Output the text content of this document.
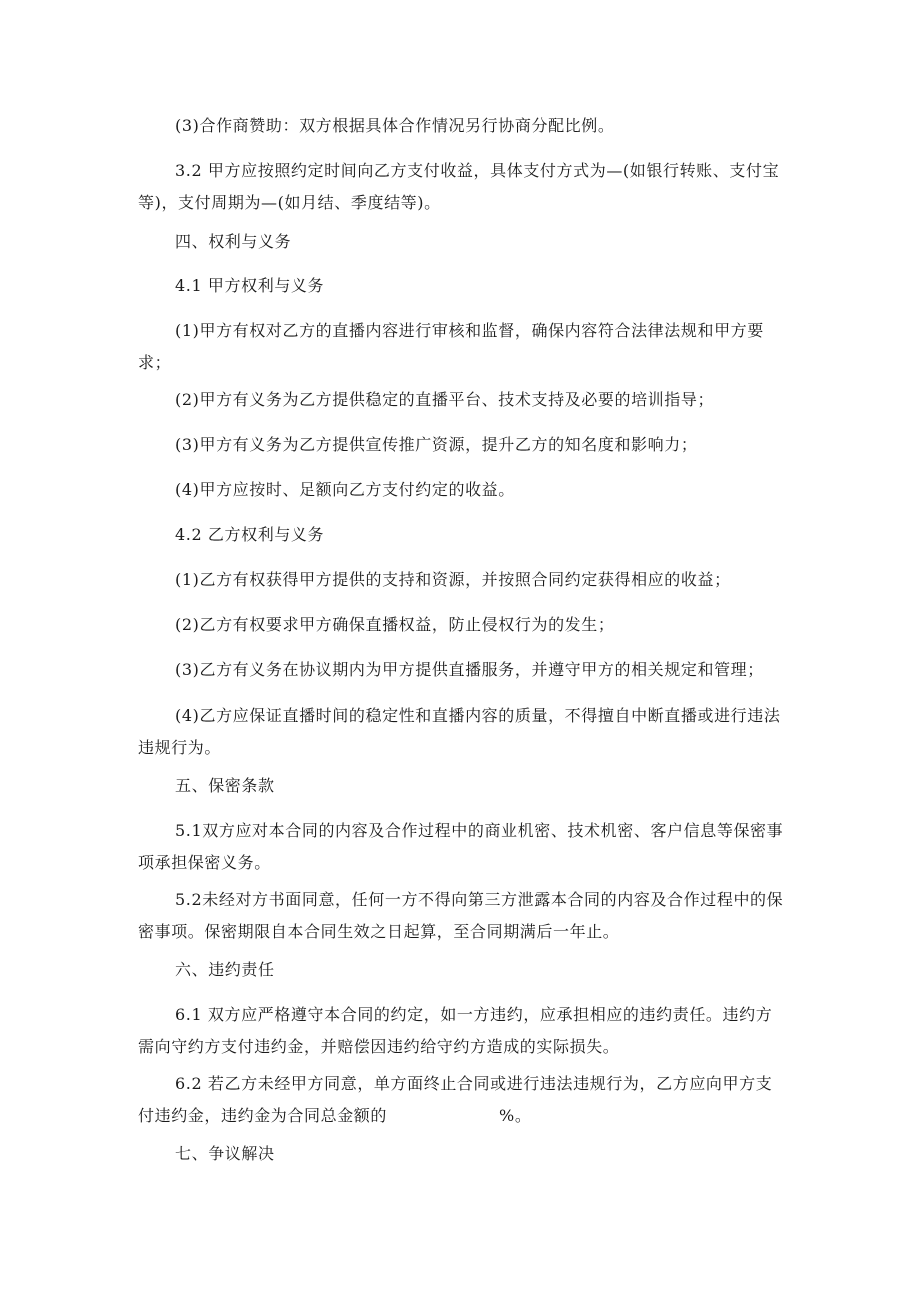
(3)合作商赞助：双方根据具体合作情况另行协商分配比例。

3.2 甲方应按照约定时间向乙方支付收益，具体支付方式为—(如银行转账、支付宝等)，支付周期为—(如月结、季度结等)。

四、权利与义务

4.1 甲方权利与义务

(1)甲方有权对乙方的直播内容进行审核和监督，确保内容符合法律法规和甲方要求；

(2)甲方有义务为乙方提供稳定的直播平台、技术支持及必要的培训指导；

(3)甲方有义务为乙方提供宣传推广资源，提升乙方的知名度和影响力；

(4)甲方应按时、足额向乙方支付约定的收益。

4.2 乙方权利与义务

(1)乙方有权获得甲方提供的支持和资源，并按照合同约定获得相应的收益；

(2)乙方有权要求甲方确保直播权益，防止侵权行为的发生；

(3)乙方有义务在协议期内为甲方提供直播服务，并遵守甲方的相关规定和管理；

(4)乙方应保证直播时间的稳定性和直播内容的质量，不得擅自中断直播或进行违法违规行为。

五、保密条款

5.1双方应对本合同的内容及合作过程中的商业机密、技术机密、客户信息等保密事项承担保密义务。

5.2未经对方书面同意，任何一方不得向第三方泄露本合同的内容及合作过程中的保密事项。保密期限自本合同生效之日起算，至合同期满后一年止。

六、违约责任

6.1 双方应严格遵守本合同的约定，如一方违约，应承担相应的违约责任。违约方需向守约方支付违约金，并赔偿因违约给守约方造成的实际损失。

6.2 若乙方未经甲方同意，单方面终止合同或进行违法违规行为，乙方应向甲方支付违约金，违约金为合同总金额的	%。

七、争议解决
